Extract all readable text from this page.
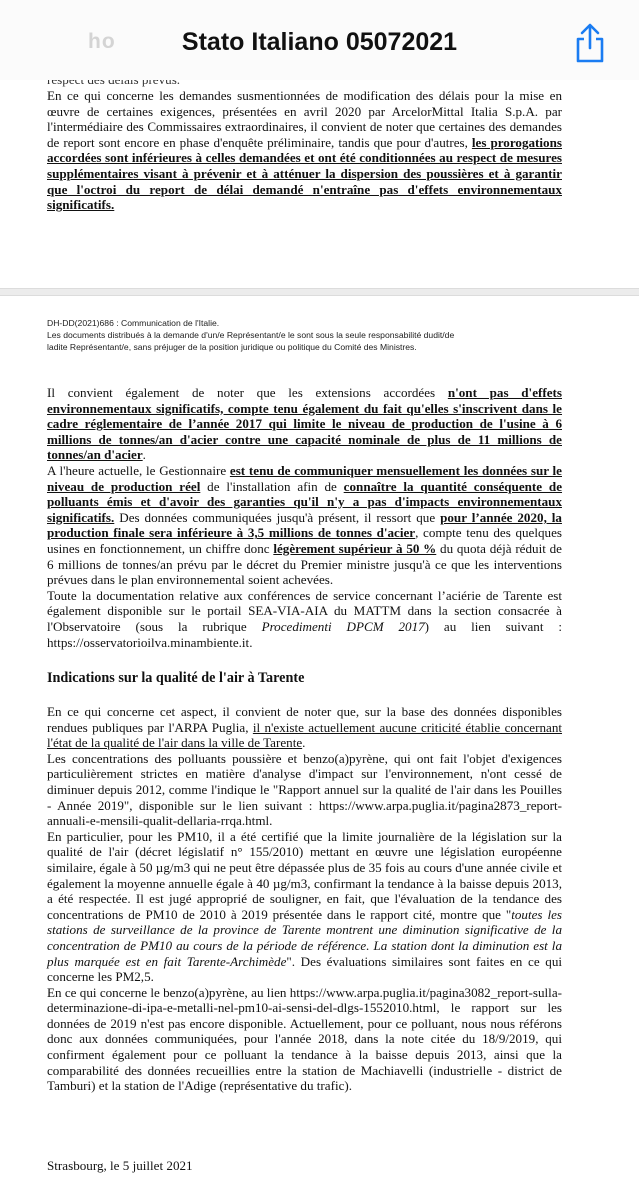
ho	Stato Italiano 05072021

En ce qui concerne les demandes susmentionnées de modification des délais pour la mise en œuvre de certaines exigences, présentées en avril 2020 par ArcelorMittal Italia S.p.A. par l'intermédiaire des Commissaires extraordinaires, il convient de noter que certaines des demandes de report sont encore en phase d'enquête préliminaire, tandis que pour d'autres, les prorogations accordées sont inférieures à celles demandées et ont été conditionnées au respect de mesures supplémentaires visant à prévenir et à atténuer la dispersion des poussières et à garantir que l'octroi du report de délai demandé n'entraîne pas d'effets environnementaux significatifs.

DH-DD(2021)686 : Communication de l'Italie.
Les documents distribués à la demande d'un/e Représentant/e le sont sous la seule responsabilité dudit/de
ladite Représentant/e, sans préjuger de la position juridique ou politique du Comité des Ministres.

Il convient également de noter que les extensions accordées n'ont pas d'effets environnementaux significatifs, compte tenu également du fait qu'elles s'inscrivent dans le cadre réglementaire de l’année 2017 qui limite le niveau de production de l'usine à 6 millions de tonnes/an d'acier contre une capacité nominale de plus de 11 millions de tonnes/an d'acier.

A l'heure actuelle, le Gestionnaire est tenu de communiquer mensuellement les données sur le niveau de production réel de l'installation afin de connaître la quantité conséquente de polluants émis et d'avoir des garanties qu'il n'y a pas d'impacts environnementaux significatifs. Des données communiquées jusqu'à présent, il ressort que pour l’année 2020, la production finale sera inférieure à 3,5 millions de tonnes d'acier, compte tenu des quelques usines en fonctionnement, un chiffre donc légèrement supérieur à 50 % du quota déjà réduit de 6 millions de tonnes/an prévu par le décret du Premier ministre jusqu'à ce que les interventions prévues dans le plan environnemental soient achevées.

Toute la documentation relative aux conférences de service concernant l’aciérie de Tarente est également disponible sur le portail SEA-VIA-AIA du MATTM dans la section consacrée à l'Observatoire (sous la rubrique Procedimenti DPCM 2017) au lien suivant : https://osservatorioilva.minambiente.it.

Indications sur la qualité de l'air à Tarente

En ce qui concerne cet aspect, il convient de noter que, sur la base des données disponibles rendues publiques par l'ARPA Puglia, il n'existe actuellement aucune criticité établie concernant l'état de la qualité de l'air dans la ville de Tarente.

Les concentrations des polluants poussière et benzo(a)pyrène, qui ont fait l'objet d'exigences particulièrement strictes en matière d'analyse d'impact sur l'environnement, n'ont cessé de diminuer depuis 2012, comme l'indique le "Rapport annuel sur la qualité de l'air dans les Pouilles - Année 2019", disponible sur le lien suivant : https://www.arpa.puglia.it/pagina2873_report-annuali-e-mensili-qualit-dellaria-rrqa.html.

En particulier, pour les PM10, il a été certifié que la limite journalière de la législation sur la qualité de l'air (décret législatif n° 155/2010) mettant en œuvre une législation européenne similaire, égale à 50 µg/m3 qui ne peut être dépassée plus de 35 fois au cours d'une année civile et également la moyenne annuelle égale à 40 µg/m3, confirmant la tendance à la baisse depuis 2013, a été respectée. Il est jugé approprié de souligner, en fait, que l'évaluation de la tendance des concentrations de PM10 de 2010 à 2019 présentée dans le rapport cité, montre que "toutes les stations de surveillance de la province de Tarente montrent une diminution significative de la concentration de PM10 au cours de la période de référence. La station dont la diminution est la plus marquée est en fait Tarente-Archimède". Des évaluations similaires sont faites en ce qui concerne les PM2,5.

En ce qui concerne le benzo(a)pyrène, au lien https://www.arpa.puglia.it/pagina3082_report-sulla-determinazione-di-ipa-e-metalli-nel-pm10-ai-sensi-del-dlgs-1552010.html, le rapport sur les données de 2019 n'est pas encore disponible. Actuellement, pour ce polluant, nous nous référons donc aux données communiquées, pour l'année 2018, dans la note citée du 18/9/2019, qui confirment également pour ce polluant la tendance à la baisse depuis 2013, ainsi que la comparabilité des données recueillies entre la station de Machiavelli (industrielle - district de Tamburi) et la station de l'Adige (représentative du trafic).

Strasbourg, le 5 juillet 2021
